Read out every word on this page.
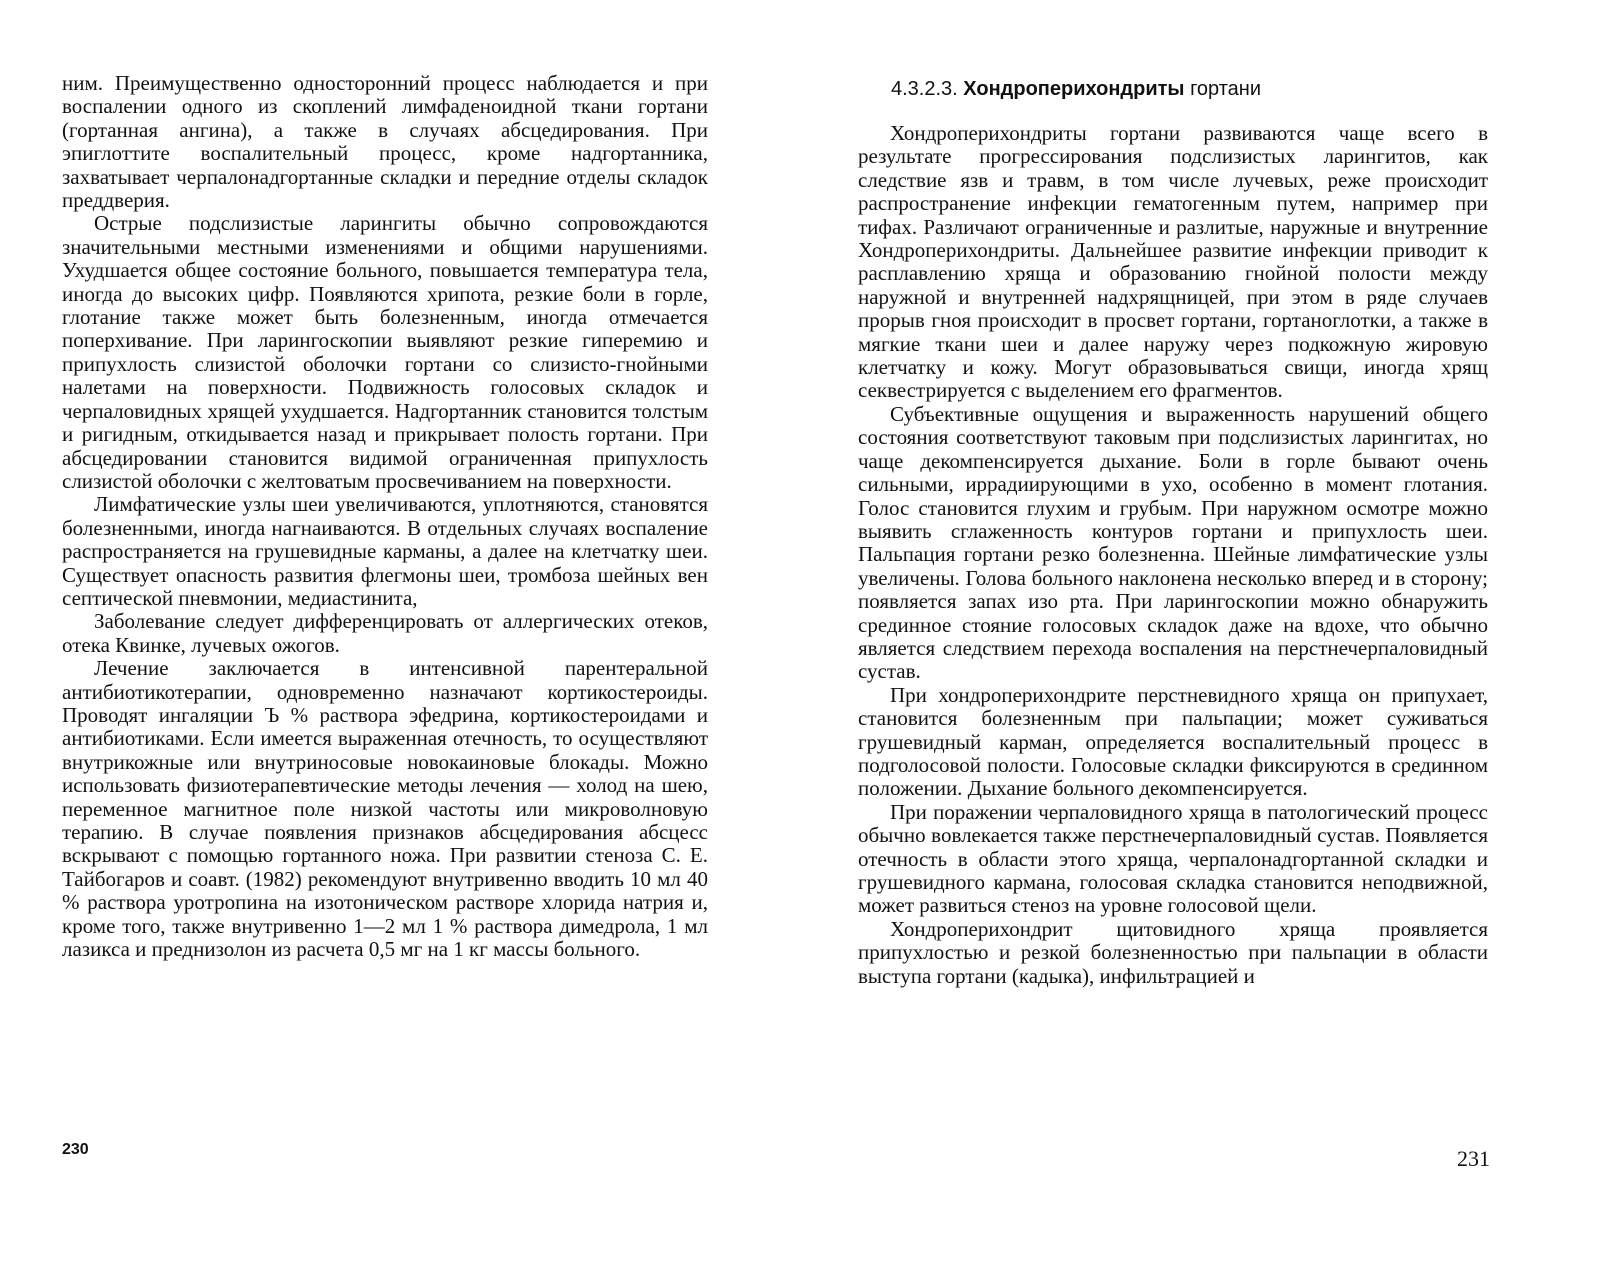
ним. Преимущественно односторонний процесс наблюдается и при воспалении одного из скоплений лимфаденоидной ткани гортани (гортанная ангина), а также в случаях абсцедирования. При эпиглоттите воспалительный процесс, кроме надгортанника, захватывает черпалонадгортанные складки и передние отделы складок преддверия.

Острые подслизистые ларингиты обычно сопровождаются значительными местными изменениями и общими нарушениями. Ухудшается общее состояние больного, повышается температура тела, иногда до высоких цифр. Появляются хрипота, резкие боли в горле, глотание также может быть болезненным, иногда отмечается поперхивание. При ларингоскопии выявляют резкие гиперемию и припухлость слизистой оболочки гортани со слизисто-гнойными налетами на поверхности. Подвижность голосовых складок и черпаловидных хрящей ухудшается. Надгортанник становится толстым и ригидным, откидывается назад и прикрывает полость гортани. При абсцедировании становится видимой ограниченная припухлость слизистой оболочки с желтоватым просвечиванием на поверхности.

Лимфатические узлы шеи увеличиваются, уплотняются, становятся болезненными, иногда нагнаиваются. В отдельных случаях воспаление распространяется на грушевидные карманы, а далее на клетчатку шеи. Существует опасность развития флегмоны шеи, тромбоза шейных вен септической пневмонии, медиастинита,

Заболевание следует дифференцировать от аллергических отеков, отека Квинке, лучевых ожогов.

Лечение заключается в интенсивной парентеральной антибиотикотерапии, одновременно назначают кортикостероиды. Проводят ингаляции Ъ % раствора эфедрина, кортикостероидами и антибиотиками. Если имеется выраженная отечность, то осуществляют внутрикожные или внутриносовые новокаиновые блокады. Можно использовать физиотерапевтические методы лечения — холод на шею, переменное магнитное поле низкой частоты или микроволновую терапию. В случае появления признаков абсцедирования абсцесс вскрывают с помощью гортанного ножа. При развитии стеноза С. Е. Тайбогаров и соавт. (1982) рекомендуют внутривенно вводить 10 мл 40 % раствора уротропина на изотоническом растворе хлорида натрия и, кроме того, также внутривенно 1—2 мл 1 % раствора димедрола, 1 мл лазикса и преднизолон из расчета 0,5 мг на 1 кг массы больного.

230
4.3.2.3. Хондроперихондриты гортани

Хондроперихондриты гортани развиваются чаще всего в результате прогрессирования подслизистых ларингитов, как следствие язв и травм, в том числе лучевых, реже происходит распространение инфекции гематогенным путем, например при тифах. Различают ограниченные и разлитые, наружные и внутренние Хондроперихондриты. Дальнейшее развитие инфекции приводит к расплавлению хряща и образованию гнойной полости между наружной и внутренней надхрящницей, при этом в ряде случаев прорыв гноя происходит в просвет гортани, гортаноглотки, а также в мягкие ткани шеи и далее наружу через подкожную жировую клетчатку и кожу. Могут образовываться свищи, иногда хрящ секвестрируется с выделением его фрагментов.

Субъективные ощущения и выраженность нарушений общего состояния соответствуют таковым при подслизистых ларингитах, но чаще декомпенсируется дыхание. Боли в горле бывают очень сильными, иррадиирующими в ухо, особенно в момент глотания. Голос становится глухим и грубым. При наружном осмотре можно выявить сглаженность контуров гортани и припухлость шеи. Пальпация гортани резко болезненна. Шейные лимфатические узлы увеличены. Голова больного наклонена несколько вперед и в сторону; появляется запах изо рта. При ларингоскопии можно обнаружить срединное стояние голосовых складок даже на вдохе, что обычно является следствием перехода воспаления на перстнечерпаловидный сустав.

При хондроперихондрите перстневидного хряща он припухает, становится болезненным при пальпации; может суживаться грушевидный карман, определяется воспалительный процесс в подголосовой полости. Голосовые складки фиксируются в срединном положении. Дыхание больного декомпенсируется.

При поражении черпаловидного хряща в патологический процесс обычно вовлекается также перстнечерпаловидный сустав. Появляется отечность в области этого хряща, черпалонадгортанной складки и грушевидного кармана, голосовая складка становится неподвижной, может развиться стеноз на уровне голосовой щели.

Хондроперихондрит щитовидного хряща проявляется припухлостью и резкой болезненностью при пальпации в области выступа гортани (кадыка), инфильтрацией и

231
